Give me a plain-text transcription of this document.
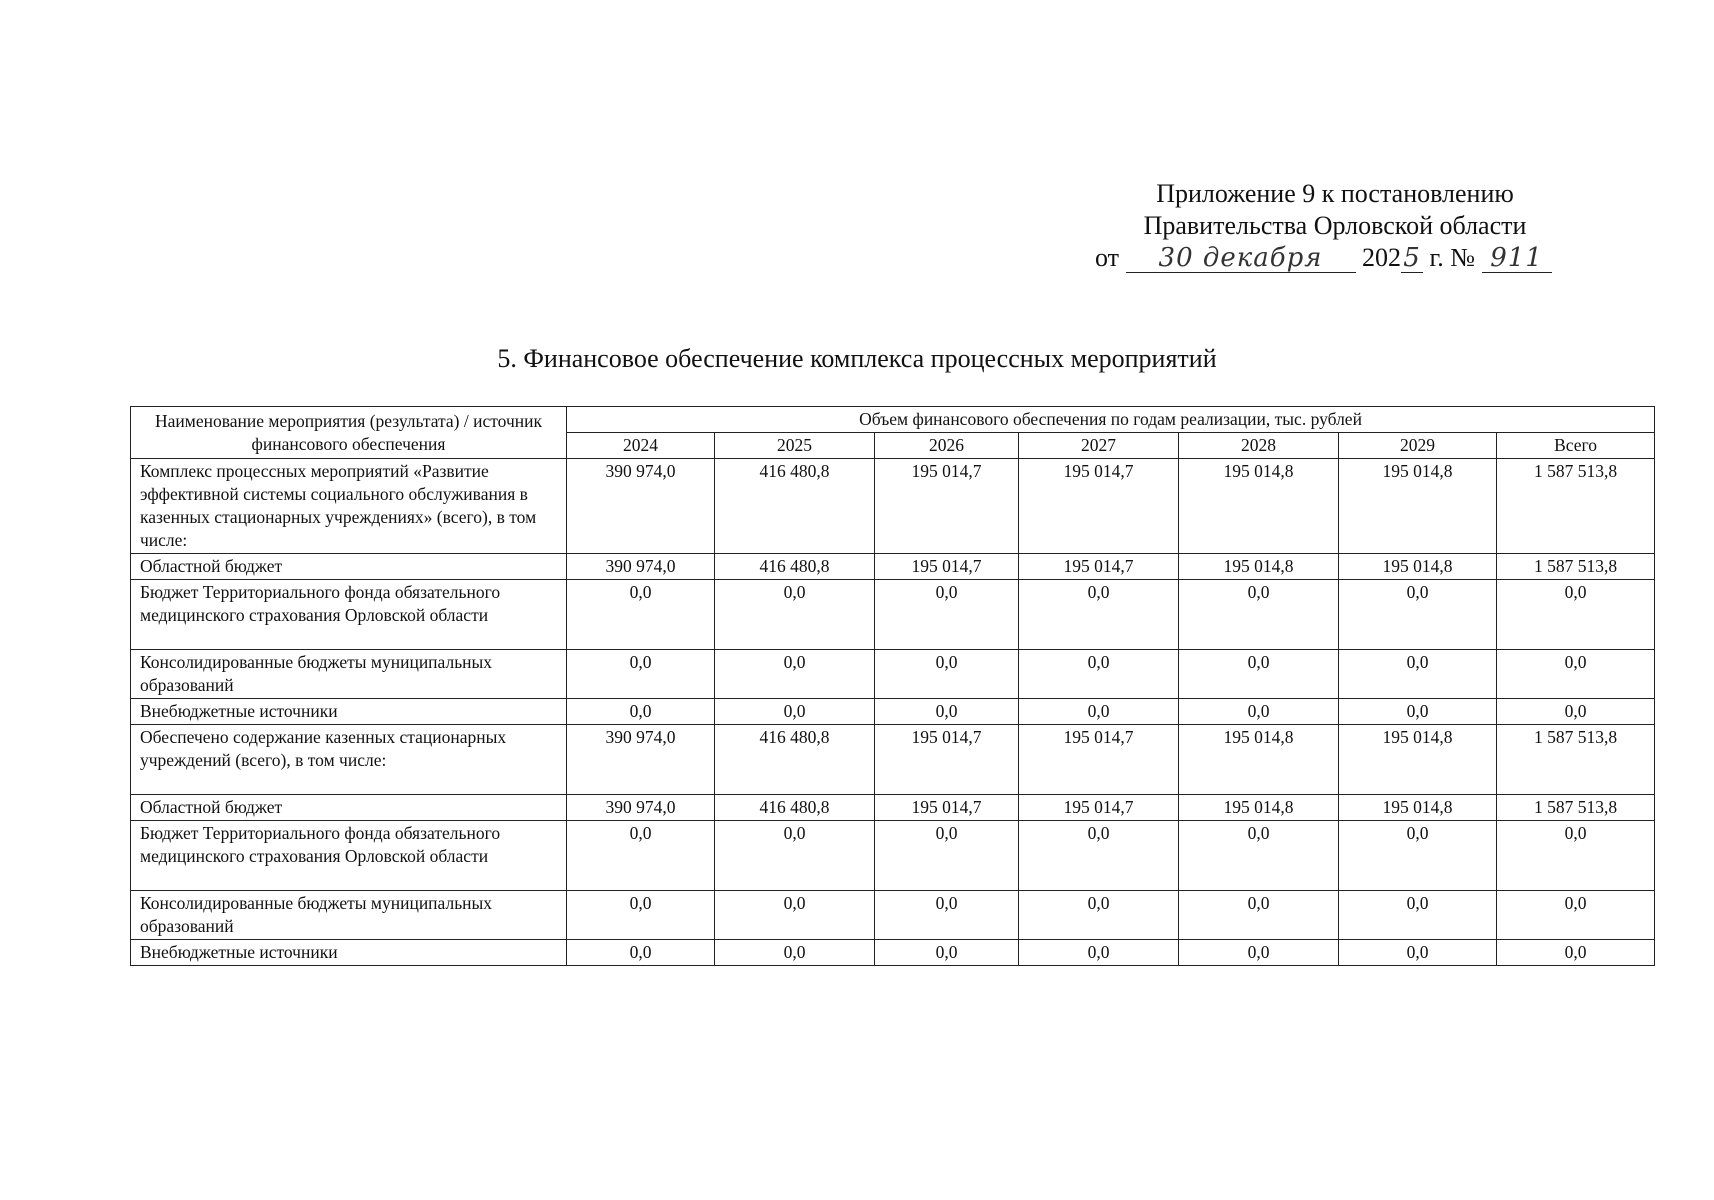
Приложение 9 к постановлению
Правительства Орловской области
от 30 декабря 2025 г. № 911
5. Финансовое обеспечение комплекса процессных мероприятий
Наименование мероприятия (результата) / источник финансового обеспечения	Объем финансового обеспечения по годам реализации, тыс. рублей						
	2024	2025	2026	2027	2028	2029	Всего
Комплекс процессных мероприятий «Развитие эффективной системы социального обслуживания в казенных стационарных учреждениях» (всего), в том числе:	390 974,0	416 480,8	195 014,7	195 014,7	195 014,8	195 014,8	1 587 513,8
Областной бюджет	390 974,0	416 480,8	195 014,7	195 014,7	195 014,8	195 014,8	1 587 513,8
Бюджет Территориального фонда обязательного медицинского страхования Орловской области	0,0	0,0	0,0	0,0	0,0	0,0	0,0
Консолидированные бюджеты муниципальных образований	0,0	0,0	0,0	0,0	0,0	0,0	0,0
Внебюджетные источники	0,0	0,0	0,0	0,0	0,0	0,0	0,0
Обеспечено содержание казенных стационарных учреждений (всего), в том числе:	390 974,0	416 480,8	195 014,7	195 014,7	195 014,8	195 014,8	1 587 513,8
Областной бюджет	390 974,0	416 480,8	195 014,7	195 014,7	195 014,8	195 014,8	1 587 513,8
Бюджет Территориального фонда обязательного медицинского страхования Орловской области	0,0	0,0	0,0	0,0	0,0	0,0	0,0
Консолидированные бюджеты муниципальных образований	0,0	0,0	0,0	0,0	0,0	0,0	0,0
Внебюджетные источники	0,0	0,0	0,0	0,0	0,0	0,0	0,0
